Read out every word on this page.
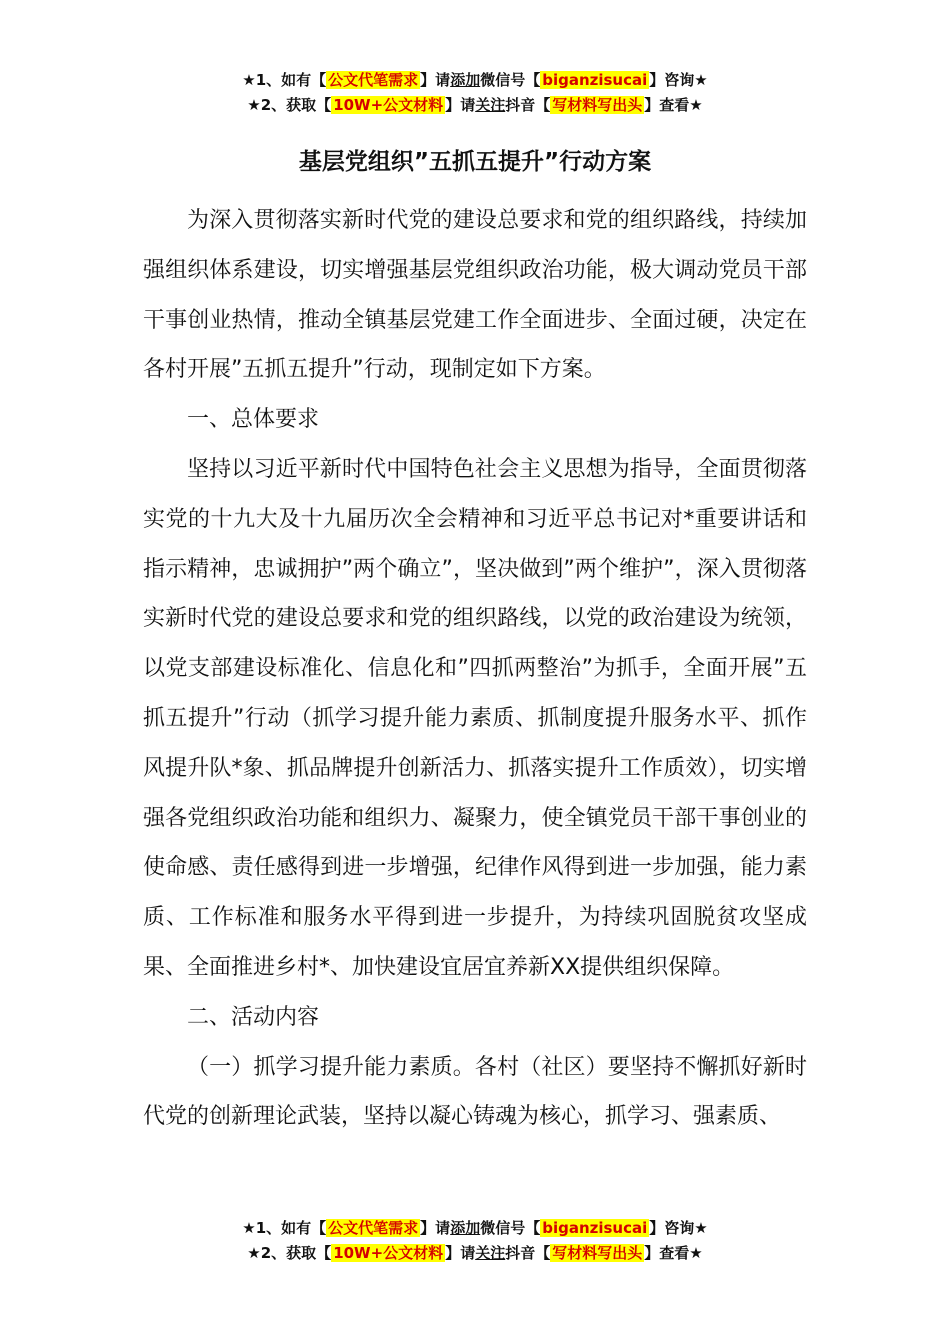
★1、如有【 公文代笔需求 】请添加微信号【 biganzisucai 】咨询★
★2、获取【 10W+公文材料 】请关注抖音【 写材料写出头 】查看★
基层党组织”五抓五提升”行动方案

为深入贯彻落实新时代党的建设总要求和党的组织路线，持续加强组织体系建设，切实增强基层党组织政治功能，极大调动党员干部干事创业热情，推动全镇基层党建工作全面进步、全面过硬，决定在各村开展”五抓五提升”行动，现制定如下方案。

一、总体要求

坚持以习近平新时代中国特色社会主义思想为指导，全面贯彻落实党的十九大及十九届历次全会精神和习近平总书记对*重要讲话和指示精神，忠诚拥护”两个确立”，坚决做到”两个维护”，深入贯彻落实新时代党的建设总要求和党的组织路线，以党的政治建设为统领，以党支部建设标准化、信息化和”四抓两整治”为抓手，全面开展”五抓五提升”行动（抓学习提升能力素质、抓制度提升服务水平、抓作风提升队*象、抓品牌提升创新活力、抓落实提升工作质效），切实增强各党组织政治功能和组织力、凝聚力，使全镇党员干部干事创业的使命感、责任感得到进一步增强，纪律作风得到进一步加强，能力素质、工作标准和服务水平得到进一步提升，为持续巩固脱贫攻坚成果、全面推进乡村*、加快建设宜居宜养新XX提供组织保障。

二、活动内容

（一）抓学习提升能力素质。各村（社区）要坚持不懈抓好新时代党的创新理论武装，坚持以凝心铸魂为核心，抓学习、强素质、

★1、如有【 公文代笔需求 】请添加微信号【 biganzisucai 】咨询★
★2、获取【 10W+公文材料 】请关注抖音【 写材料写出头 】查看★
